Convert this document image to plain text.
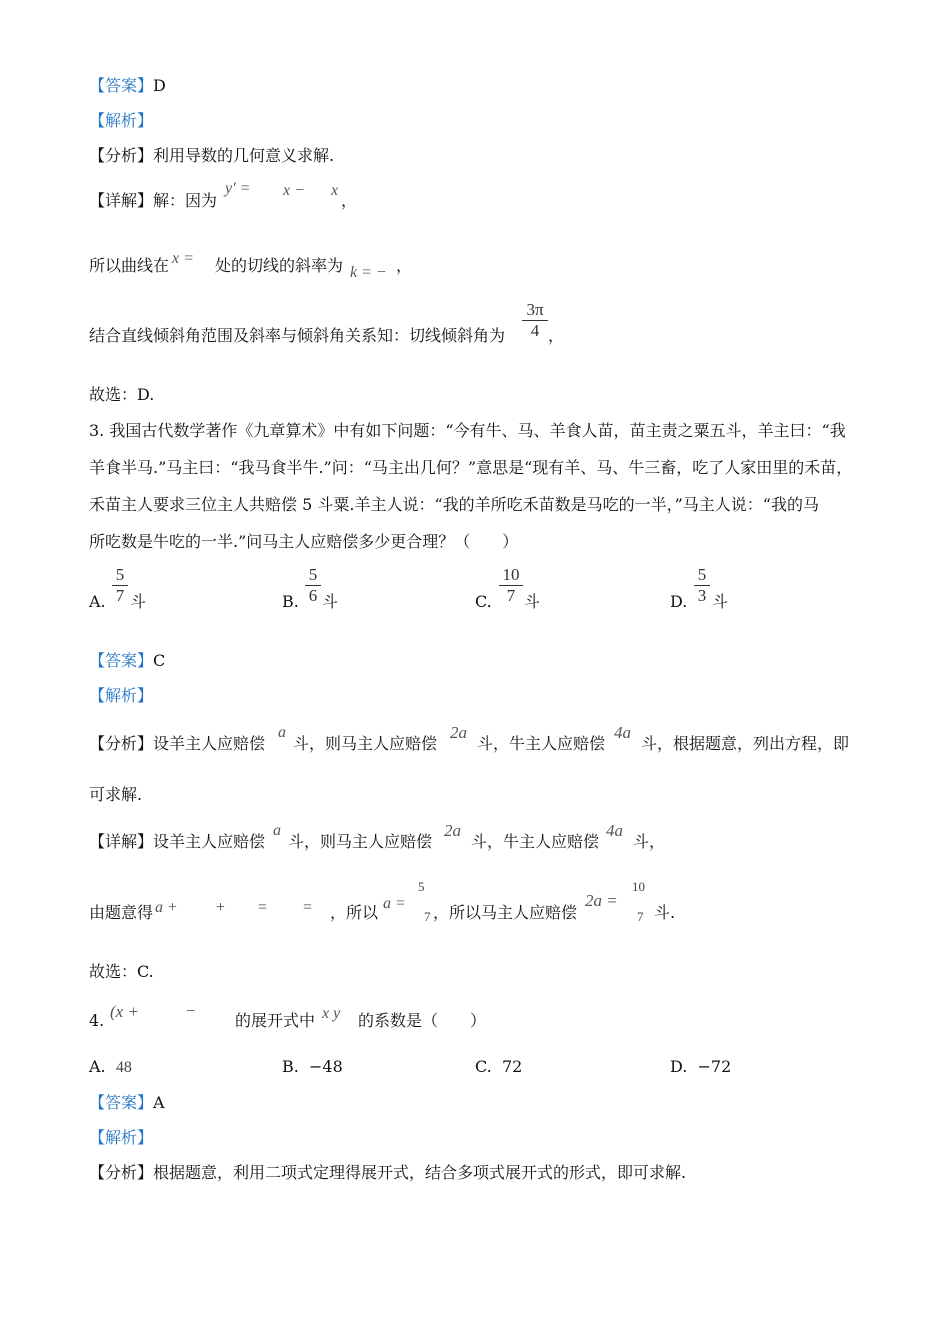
【答案】D
【解析】
【分析】利用导数的几何意义求解.
【详解】解：因为
y′ = x − x
，
所以曲线在 x = 处的切线的斜率为 k = − ，
结合直线倾斜角范围及斜率与倾斜角关系知：切线倾斜角为 $\frac{3\pi}{4}$ ，
故选：D.
3. 我国古代数学著作《九章算术》中有如下问题：“今有牛、马、羊食人苗，苗主责之粟五斗，羊主曰：“我
羊食半马.”马主曰：“我马食半牛.”问：“马主出几何？”意思是“现有羊、马、牛三畜，吃了人家田里的禾苗，
禾苗主人要求三位主人共赔偿 5 斗粟.羊主人说：“我的羊所吃禾苗数是马吃的一半，”马主人说：“我的马
所吃数是牛吃的一半.”问马主人应赔偿多少更合理？（　　）
A. $\frac{5}{7}$ 斗	B. $\frac{5}{6}$ 斗	C. $\frac{10}{7}$ 斗	D. $\frac{5}{3}$ 斗
【答案】C
【解析】
【分析】设羊主人应赔偿
a
斗，则马主人应赔偿
2a
斗，牛主人应赔偿
4a
斗，根据题意，列出方程，即
可求解.
【详解】设羊主人应赔偿
a
斗，则马主人应赔偿
2a
斗，牛主人应赔偿
4a
斗，
由题意得 a + + = = ，所以 a =
5
7 ，所以马主人应赔偿
2a =
10
7 斗.
故选：C.
4. (x +	− 的展开式中 x y 的系数是（　　）
A. 48	B. −48	C. 72	D. −72
【答案】A
【解析】
【分析】根据题意，利用二项式定理得展开式，结合多项式展开式的形式，即可求解.
